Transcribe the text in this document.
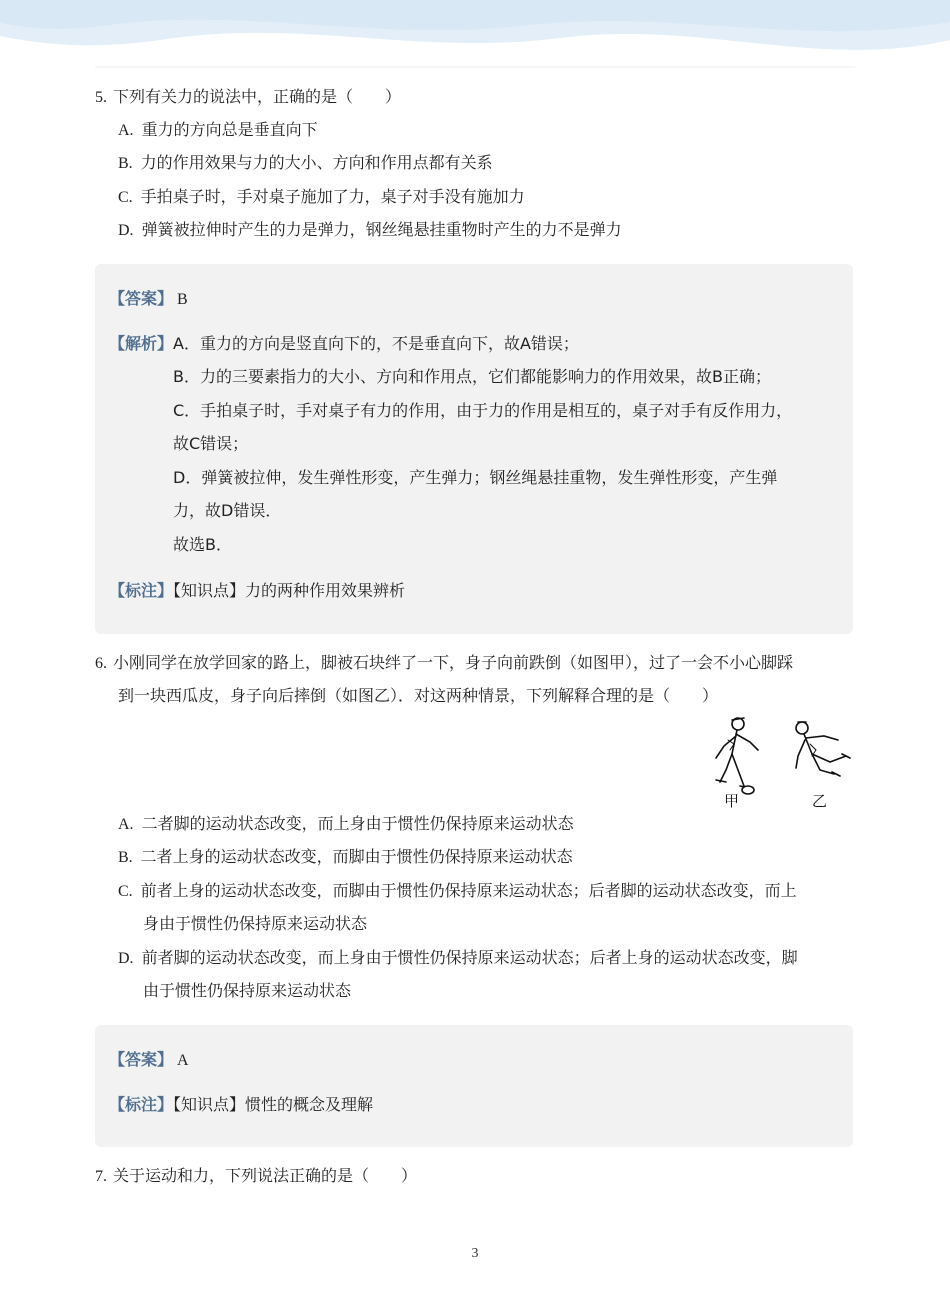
5. 下列有关力的说法中，正确的是（　　）
A. 重力的方向总是垂直向下
B. 力的作用效果与力的大小、方向和作用点都有关系
C. 手拍桌子时，手对桌子施加了力，桌子对手没有施加力
D. 弹簧被拉伸时产生的力是弹力，钢丝绳悬挂重物时产生的力不是弹力
【答案】 B
【解析】 A．重力的方向是竖直向下的，不是垂直向下，故A错误；
B．力的三要素指力的大小、方向和作用点，它们都能影响力的作用效果，故B正确；
C．手拍桌子时，手对桌子有力的作用，由于力的作用是相互的，桌子对手有反作用力，
故C错误；
D．弹簧被拉伸，发生弹性形变，产生弹力；钢丝绳悬挂重物，发生弹性形变，产生弹
力，故D错误．
故选B．
【标注】【知识点】力的两种作用效果辨析
6. 小刚同学在放学回家的路上，脚被石块绊了一下，身子向前跌倒（如图甲），过了一会不小心脚踩
到一块西瓜皮，身子向后摔倒（如图乙）．对这两种情景，下列解释合理的是（　　）
甲	乙
A. 二者脚的运动状态改变，而上身由于惯性仍保持原来运动状态
B. 二者上身的运动状态改变，而脚由于惯性仍保持原来运动状态
C. 前者上身的运动状态改变，而脚由于惯性仍保持原来运动状态；后者脚的运动状态改变，而上
身由于惯性仍保持原来运动状态
D. 前者脚的运动状态改变，而上身由于惯性仍保持原来运动状态；后者上身的运动状态改变，脚
由于惯性仍保持原来运动状态
【答案】 A
【标注】【知识点】惯性的概念及理解
7. 关于运动和力，下列说法正确的是（　　）
3
